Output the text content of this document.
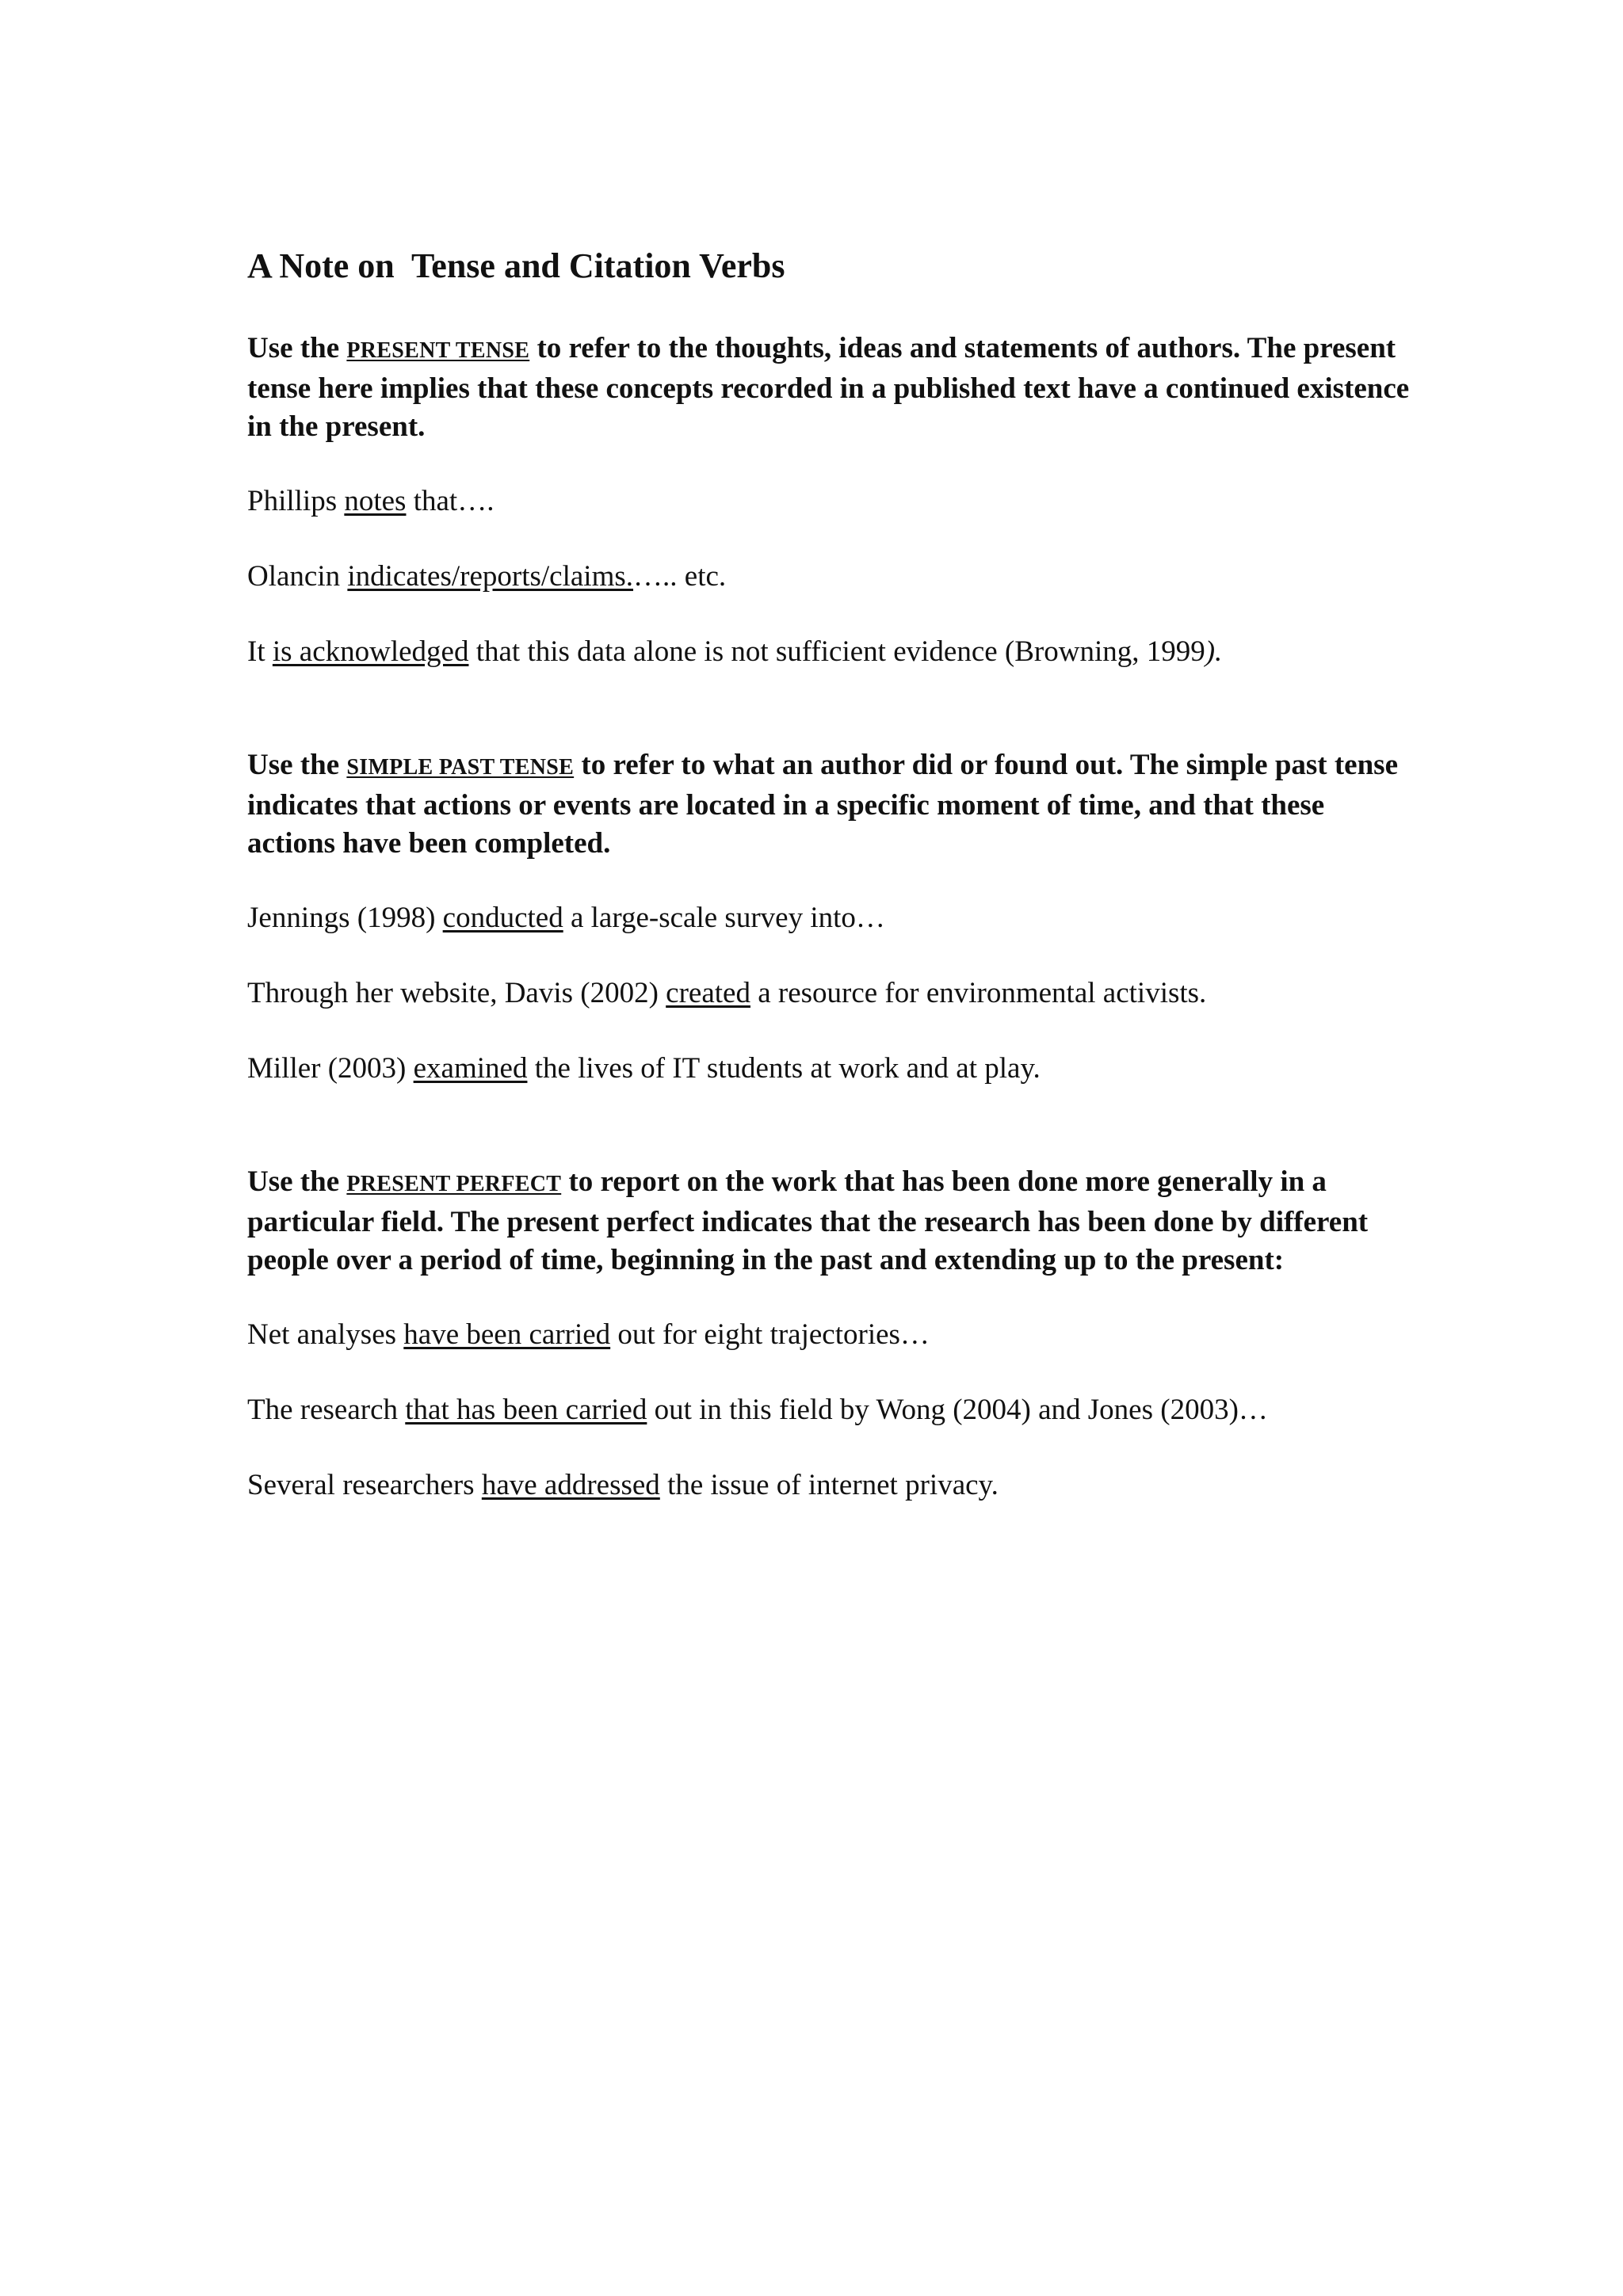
A Note on  Tense and Citation Verbs

Use the PRESENT TENSE to refer to the thoughts, ideas and statements of authors. The present tense here implies that these concepts recorded in a published text have a continued existence in the present.

Phillips notes that….

Olancin indicates/reports/claims.….. etc.

It is acknowledged that this data alone is not sufficient evidence (Browning, 1999).

Use the SIMPLE PAST TENSE to refer to what an author did or found out. The simple past tense indicates that actions or events are located in a specific moment of time, and that these actions have been completed.

Jennings (1998) conducted a large-scale survey into…

Through her website, Davis (2002) created a resource for environmental activists.

Miller (2003) examined the lives of IT students at work and at play.

Use the PRESENT PERFECT to report on the work that has been done more generally in a particular field. The present perfect indicates that the research has been done by different people over a period of time, beginning in the past and extending up to the present:

Net analyses have been carried out for eight trajectories…

The research that has been carried out in this field by Wong (2004) and Jones (2003)…

Several researchers have addressed the issue of internet privacy.
